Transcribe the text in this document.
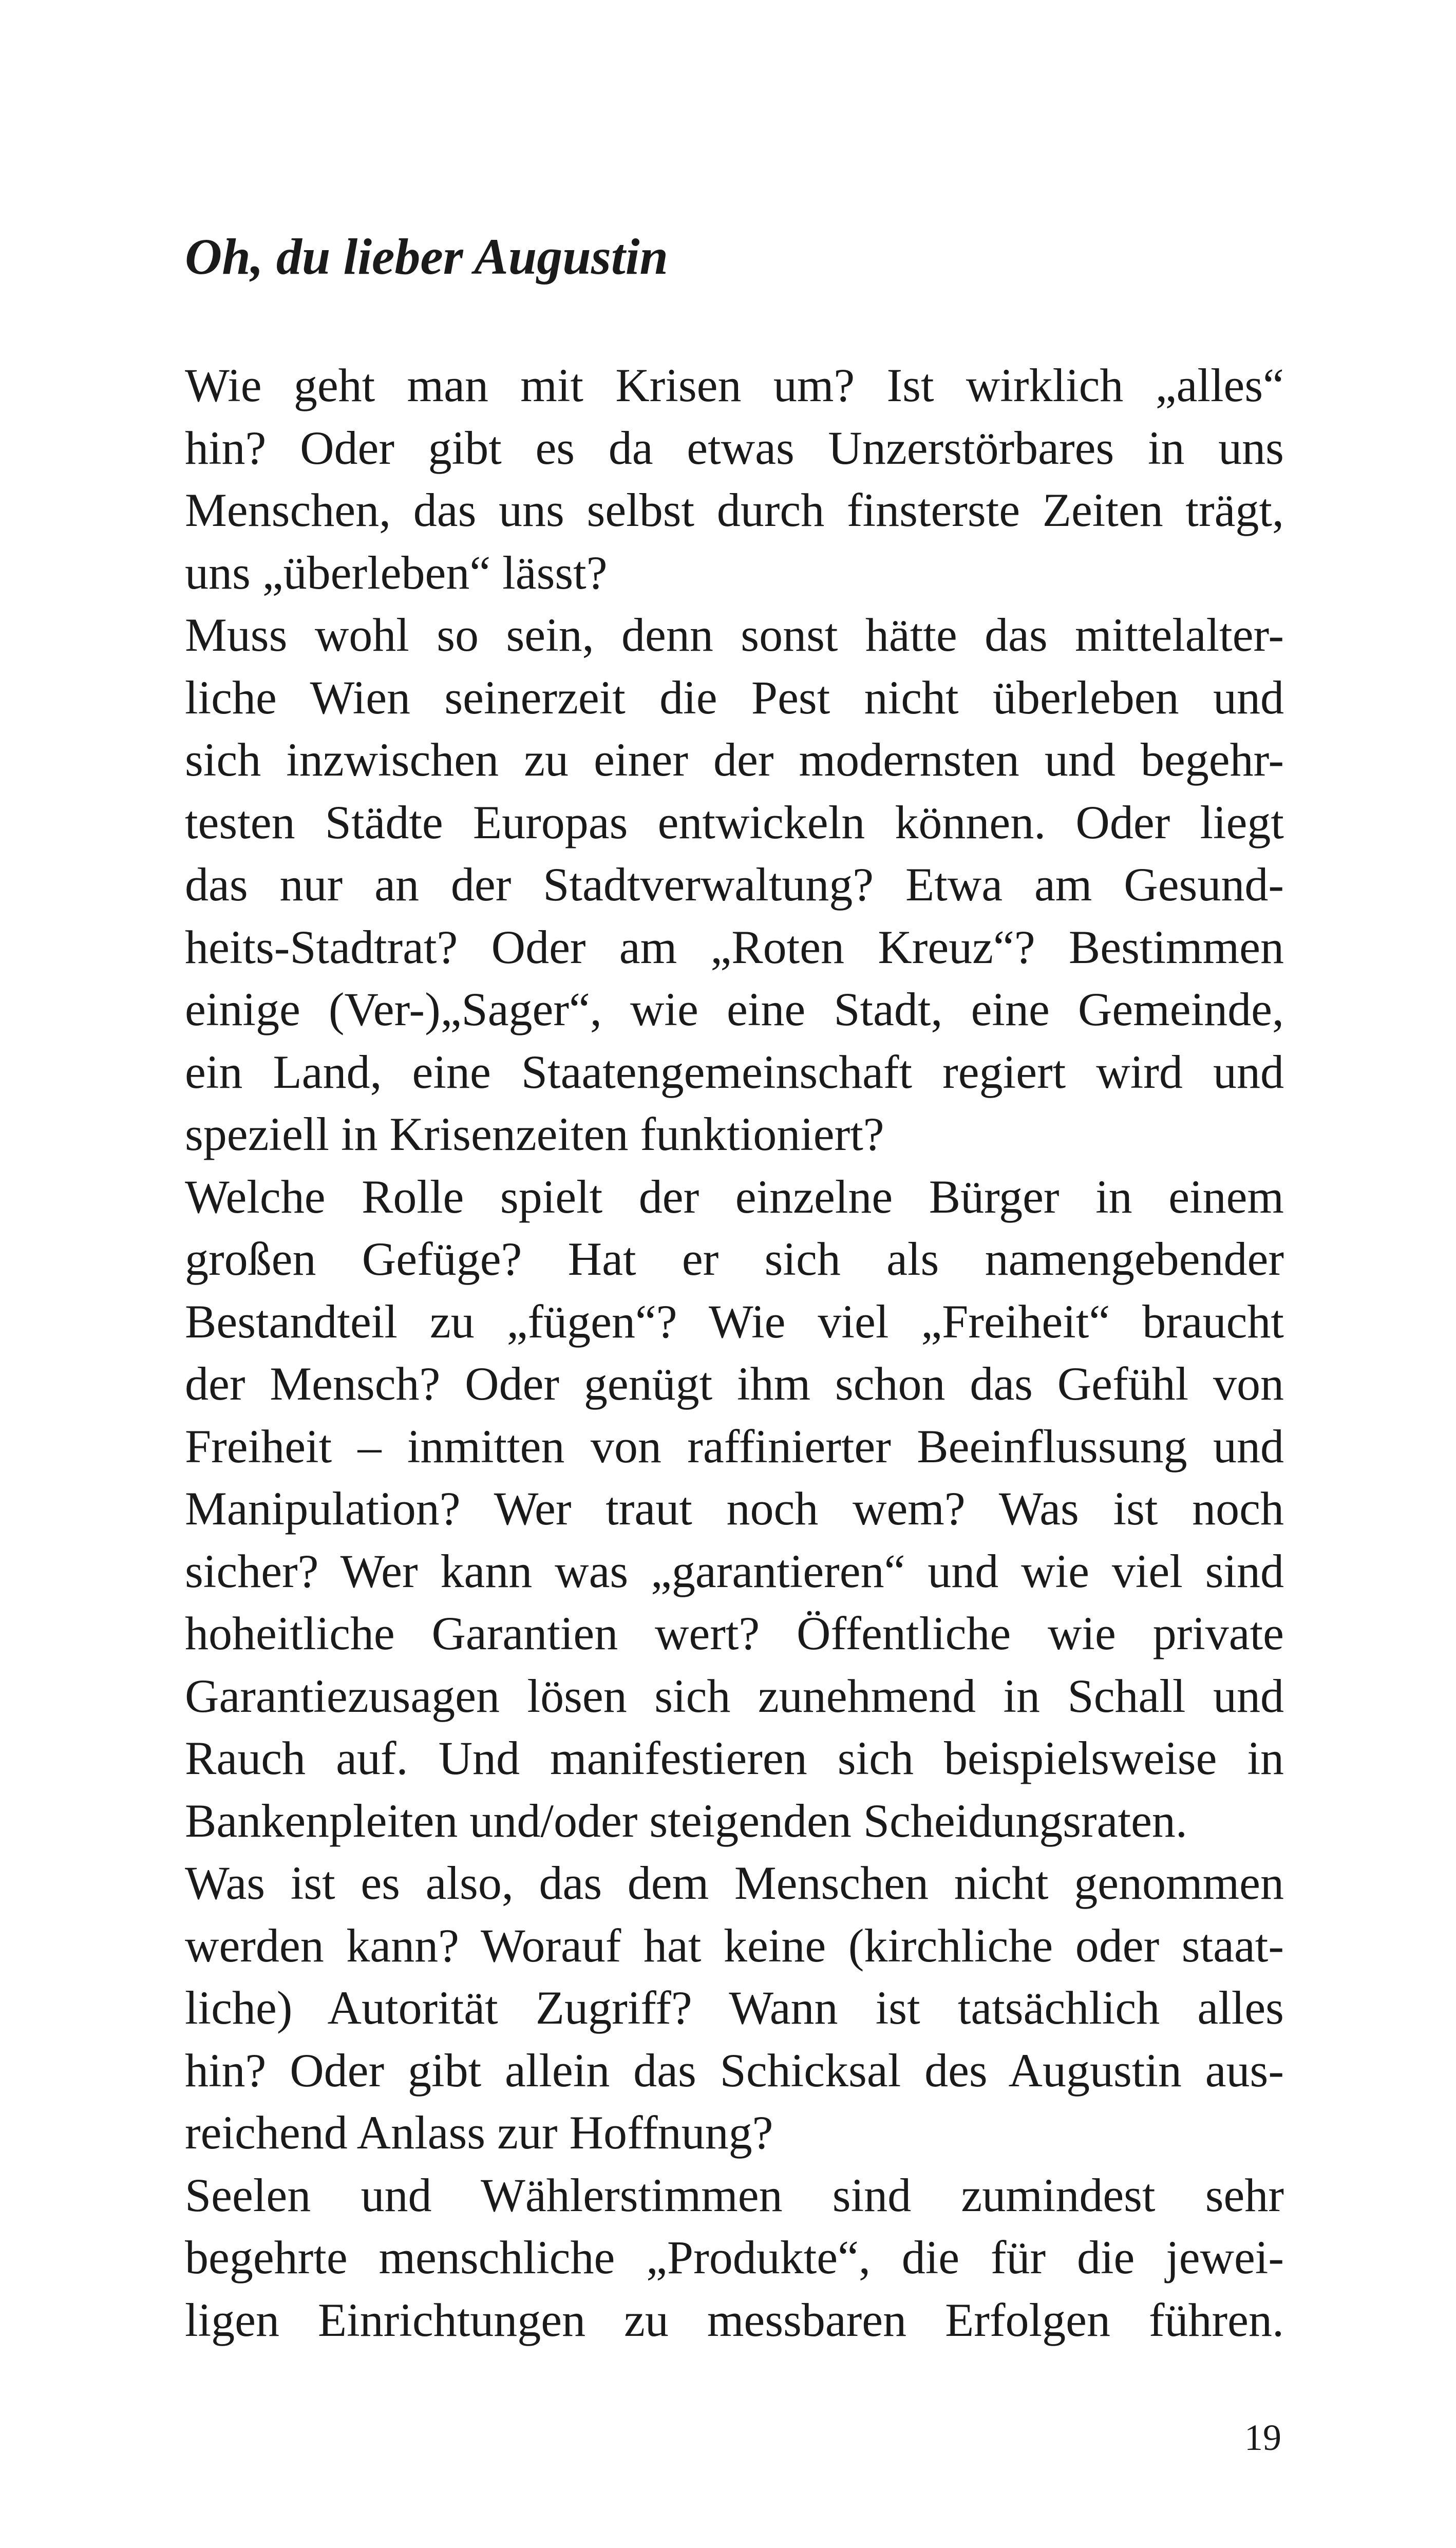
Oh, du lieber Augustin
Wie geht man mit Krisen um? Ist wirklich „alles“
hin? Oder gibt es da etwas Unzerstörbares in uns
Menschen, das uns selbst durch finsterste Zeiten trägt,
uns „überleben“ lässt?
Muss wohl so sein, denn sonst hätte das mittelalter-
liche Wien seinerzeit die Pest nicht überleben und
sich inzwischen zu einer der modernsten und begehr-
testen Städte Europas entwickeln können. Oder liegt
das nur an der Stadtverwaltung? Etwa am Gesund-
heits-Stadtrat? Oder am „Roten Kreuz“? Bestimmen
einige (Ver-)„Sager“, wie eine Stadt, eine Gemeinde,
ein Land, eine Staatengemeinschaft regiert wird und
speziell in Krisenzeiten funktioniert?
Welche Rolle spielt der einzelne Bürger in einem
großen Gefüge? Hat er sich als namengebender
Bestandteil zu „fügen“? Wie viel „Freiheit“ braucht
der Mensch? Oder genügt ihm schon das Gefühl von
Freiheit – inmitten von raffinierter Beeinflussung und
Manipulation? Wer traut noch wem? Was ist noch
sicher? Wer kann was „garantieren“ und wie viel sind
hoheitliche Garantien wert? Öffentliche wie private
Garantiezusagen lösen sich zunehmend in Schall und
Rauch auf. Und manifestieren sich beispielsweise in
Bankenpleiten und/oder steigenden Scheidungsraten.
Was ist es also, das dem Menschen nicht genommen
werden kann? Worauf hat keine (kirchliche oder staat-
liche) Autorität Zugriff? Wann ist tatsächlich alles
hin? Oder gibt allein das Schicksal des Augustin aus-
reichend Anlass zur Hoffnung?
Seelen und Wählerstimmen sind zumindest sehr
begehrte menschliche „Produkte“, die für die jewei-
ligen Einrichtungen zu messbaren Erfolgen führen.
19
